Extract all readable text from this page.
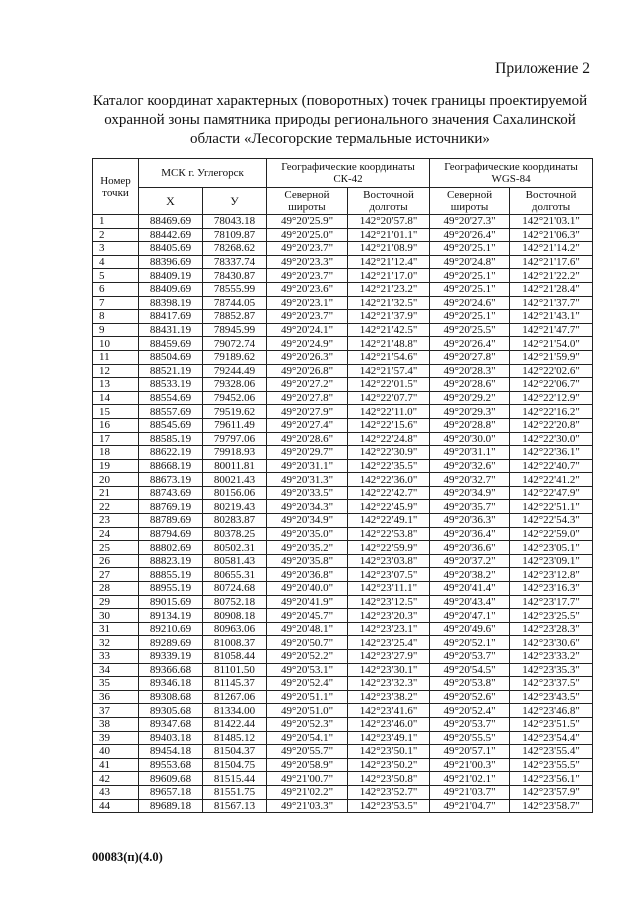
Приложение 2
Каталог координат характерных (поворотных) точек границы проектируемой
охранной зоны памятника природы регионального значения Сахалинской
области «Лесогорские термальные источники»
Номер точки	МСК г. Углегорск		Географические координаты СК-42		Географические координаты WGS-84	
	X	У	Северной широты	Восточной долготы	Северной широты	Восточной долготы
1	88469.69	78043.18	49°20'25.9"	142°20'57.8"	49°20'27.3"	142°21'03.1"
2	88442.69	78109.87	49°20'25.0"	142°21'01.1"	49°20'26.4"	142°21'06.3"
3	88405.69	78268.62	49°20'23.7"	142°21'08.9"	49°20'25.1"	142°21'14.2"
4	88396.69	78337.74	49°20'23.3"	142°21'12.4"	49°20'24.8"	142°21'17.6"
5	88409.19	78430.87	49°20'23.7"	142°21'17.0"	49°20'25.1"	142°21'22.2"
6	88409.69	78555.99	49°20'23.6"	142°21'23.2"	49°20'25.1"	142°21'28.4"
7	88398.19	78744.05	49°20'23.1"	142°21'32.5"	49°20'24.6"	142°21'37.7"
8	88417.69	78852.87	49°20'23.7"	142°21'37.9"	49°20'25.1"	142°21'43.1"
9	88431.19	78945.99	49°20'24.1"	142°21'42.5"	49°20'25.5"	142°21'47.7"
10	88459.69	79072.74	49°20'24.9"	142°21'48.8"	49°20'26.4"	142°21'54.0"
11	88504.69	79189.62	49°20'26.3"	142°21'54.6"	49°20'27.8"	142°21'59.9"
12	88521.19	79244.49	49°20'26.8"	142°21'57.4"	49°20'28.3"	142°22'02.6"
13	88533.19	79328.06	49°20'27.2"	142°22'01.5"	49°20'28.6"	142°22'06.7"
14	88554.69	79452.06	49°20'27.8"	142°22'07.7"	49°20'29.2"	142°22'12.9"
15	88557.69	79519.62	49°20'27.9"	142°22'11.0"	49°20'29.3"	142°22'16.2"
16	88545.69	79611.49	49°20'27.4"	142°22'15.6"	49°20'28.8"	142°22'20.8"
17	88585.19	79797.06	49°20'28.6"	142°22'24.8"	49°20'30.0"	142°22'30.0"
18	88622.19	79918.93	49°20'29.7"	142°22'30.9"	49°20'31.1"	142°22'36.1"
19	88668.19	80011.81	49°20'31.1"	142°22'35.5"	49°20'32.6"	142°22'40.7"
20	88673.19	80021.43	49°20'31.3"	142°22'36.0"	49°20'32.7"	142°22'41.2"
21	88743.69	80156.06	49°20'33.5"	142°22'42.7"	49°20'34.9"	142°22'47.9"
22	88769.19	80219.43	49°20'34.3"	142°22'45.9"	49°20'35.7"	142°22'51.1"
23	88789.69	80283.87	49°20'34.9"	142°22'49.1"	49°20'36.3"	142°22'54.3"
24	88794.69	80378.25	49°20'35.0"	142°22'53.8"	49°20'36.4"	142°22'59.0"
25	88802.69	80502.31	49°20'35.2"	142°22'59.9"	49°20'36.6"	142°23'05.1"
26	88823.19	80581.43	49°20'35.8"	142°23'03.8"	49°20'37.2"	142°23'09.1"
27	88855.19	80655.31	49°20'36.8"	142°23'07.5"	49°20'38.2"	142°23'12.8"
28	88955.19	80724.68	49°20'40.0"	142°23'11.1"	49°20'41.4"	142°23'16.3"
29	89015.69	80752.18	49°20'41.9"	142°23'12.5"	49°20'43.4"	142°23'17.7"
30	89134.19	80908.18	49°20'45.7"	142°23'20.3"	49°20'47.1"	142°23'25.5"
31	89210.69	80963.06	49°20'48.1"	142°23'23.1"	49°20'49.6"	142°23'28.3"
32	89289.69	81008.37	49°20'50.7"	142°23'25.4"	49°20'52.1"	142°23'30.6"
33	89339.19	81058.44	49°20'52.2"	142°23'27.9"	49°20'53.7"	142°23'33.2"
34	89366.68	81101.50	49°20'53.1"	142°23'30.1"	49°20'54.5"	142°23'35.3"
35	89346.18	81145.37	49°20'52.4"	142°23'32.3"	49°20'53.8"	142°23'37.5"
36	89308.68	81267.06	49°20'51.1"	142°23'38.2"	49°20'52.6"	142°23'43.5"
37	89305.68	81334.00	49°20'51.0"	142°23'41.6"	49°20'52.4"	142°23'46.8"
38	89347.68	81422.44	49°20'52.3"	142°23'46.0"	49°20'53.7"	142°23'51.5"
39	89403.18	81485.12	49°20'54.1"	142°23'49.1"	49°20'55.5"	142°23'54.4"
40	89454.18	81504.37	49°20'55.7"	142°23'50.1"	49°20'57.1"	142°23'55.4"
41	89553.68	81504.75	49°20'58.9"	142°23'50.2"	49°21'00.3"	142°23'55.5"
42	89609.68	81515.44	49°21'00.7"	142°23'50.8"	49°21'02.1"	142°23'56.1"
43	89657.18	81551.75	49°21'02.2"	142°23'52.7"	49°21'03.7"	142°23'57.9"
44	89689.18	81567.13	49°21'03.3"	142°23'53.5"	49°21'04.7"	142°23'58.7"
00083(п)(4.0)
